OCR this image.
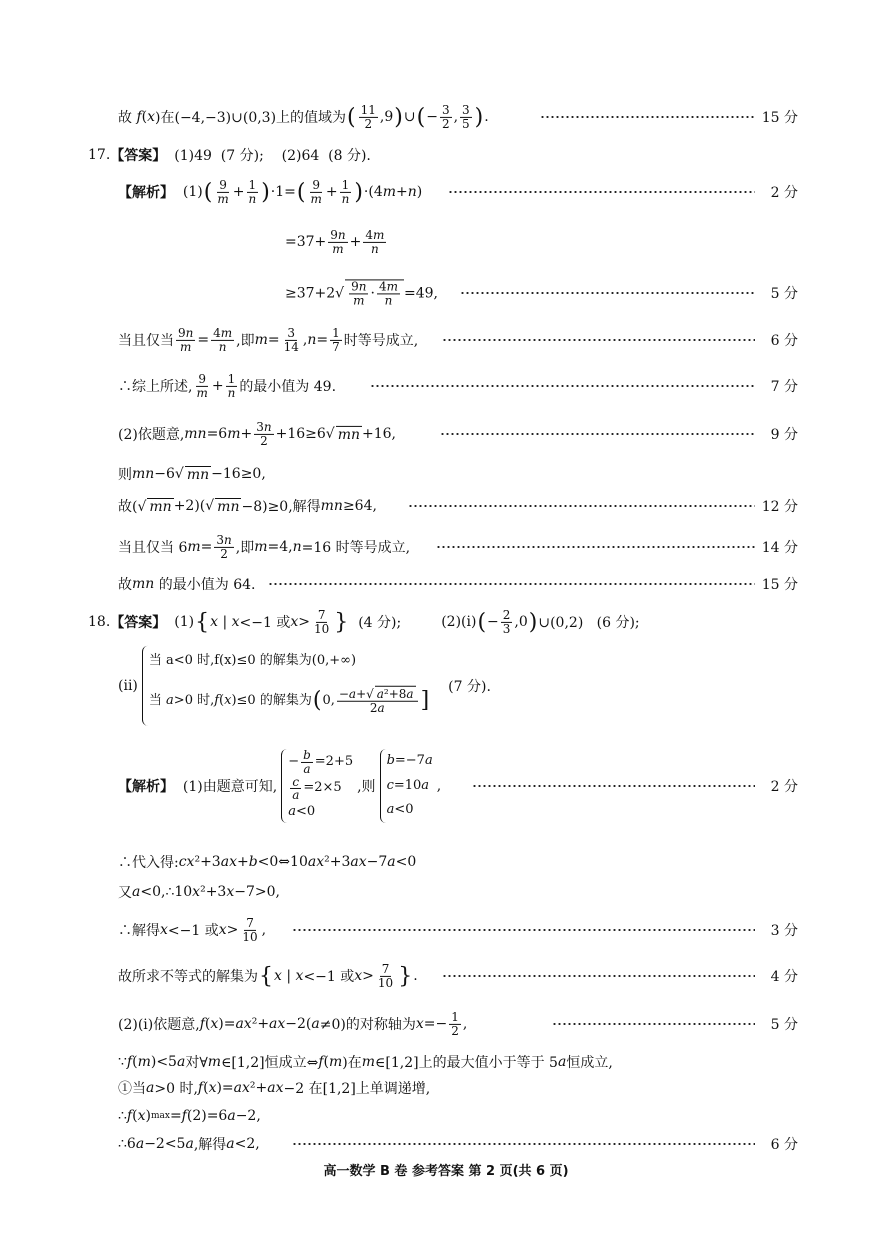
故 f ( x )在(−4,−3)∪(0,3)上的值域为 ( $\frac{11}{2} ,9$ ) ∪ ( − $\frac{3}{2}$ , $\frac{3}{5}$ ) .	15 分
17. 【答案】 (1)49  (7 分);    (2)64  (8 分).
【解析】 (1) ( $\frac{9}{m} + \frac{1}{n}$ ) ·1= ( $\frac{9}{m} + \frac{1}{n}$ ) ·(4 m + n )	2 分
$=37+ \frac{9n}{m} + \frac{4m}{n}$
$\ge 37+2√ \frac{9n}{m} \cdot \frac{4m}{n} =49$,	5 分
当且仅当 $\frac{9n}{m} = \frac{4m}{n}$ ,即 $m = \frac{3}{14}$ , $n = \frac{1}{7}$ 时等号成立,	6 分
∴综上所述, $\frac{9}{m} + \frac{1}{n}$ 的最小值为 49.	7 分
(2)依题意, mn =6 $m + \frac{3n}{2} +16\ge 6√$ mn +16,	9 分
则 mn −6√ mn −16≥0,
故(√ mn +2)(√ mn −8)≥0,解得 mn ≥64,	12 分
当且仅当 6 $m = \frac{3n}{2}$ ,即 m =4, n =16 时等号成立,	14 分
故 mn 的最小值为 64.	15 分
18. 【答案】 (1) { x | x <−1 或 $x > \frac{7}{10}$ } (4 分);	(2)(i) ( − $\frac{2}{3} ,0$ ) ∪(0,2)   (6 分);
(ii)
当 a<0 时,f(x)≤0 的解集为(0,+∞)
当 a >0 时, f ( x )≤0 的解集为 ( 0, $\frac{\text{−a+√ a²+8a}}{2a}$ ]
(7 分).
【解析】 (1)由题意可知,
− $\frac{b}{a} =2+5$
$\frac{c}{a} =2\times 5$
a<0
,则
b=−7a
c=10a
a<0
,	2 分
∴代入得: cx ²+3 ax + b <0⇔10 ax ²+3 ax −7 a <0
又 a <0,∴10 x ²+3 x −7>0,
∴解得 x <−1 或 $x > \frac{7}{10}$ ,	3 分
故所求不等式的解集为 { x | x <−1 或 $x > \frac{7}{10}$ } .	4 分
(2)(i)依题意, f ( x )= ax ²+ ax −2( a ≠0)的对称轴为 $x =- \frac{1}{2}$ ,	5 分
∵ f ( m )<5 a 对∀ m ∈[1,2]恒成立⇔ f ( m )在 m ∈[1,2]上的最大值小于等于 5 a 恒成立,
①当 a >0 时, f ( x )= ax ²+ ax −2 在[1,2]上单调递增,
∴ f ( x ) max = f (2)=6 a −2,
∴6 a −2<5 a ,解得 a <2,	6 分
高一数学 B 卷 参考答案 第 2 页(共 6 页)
